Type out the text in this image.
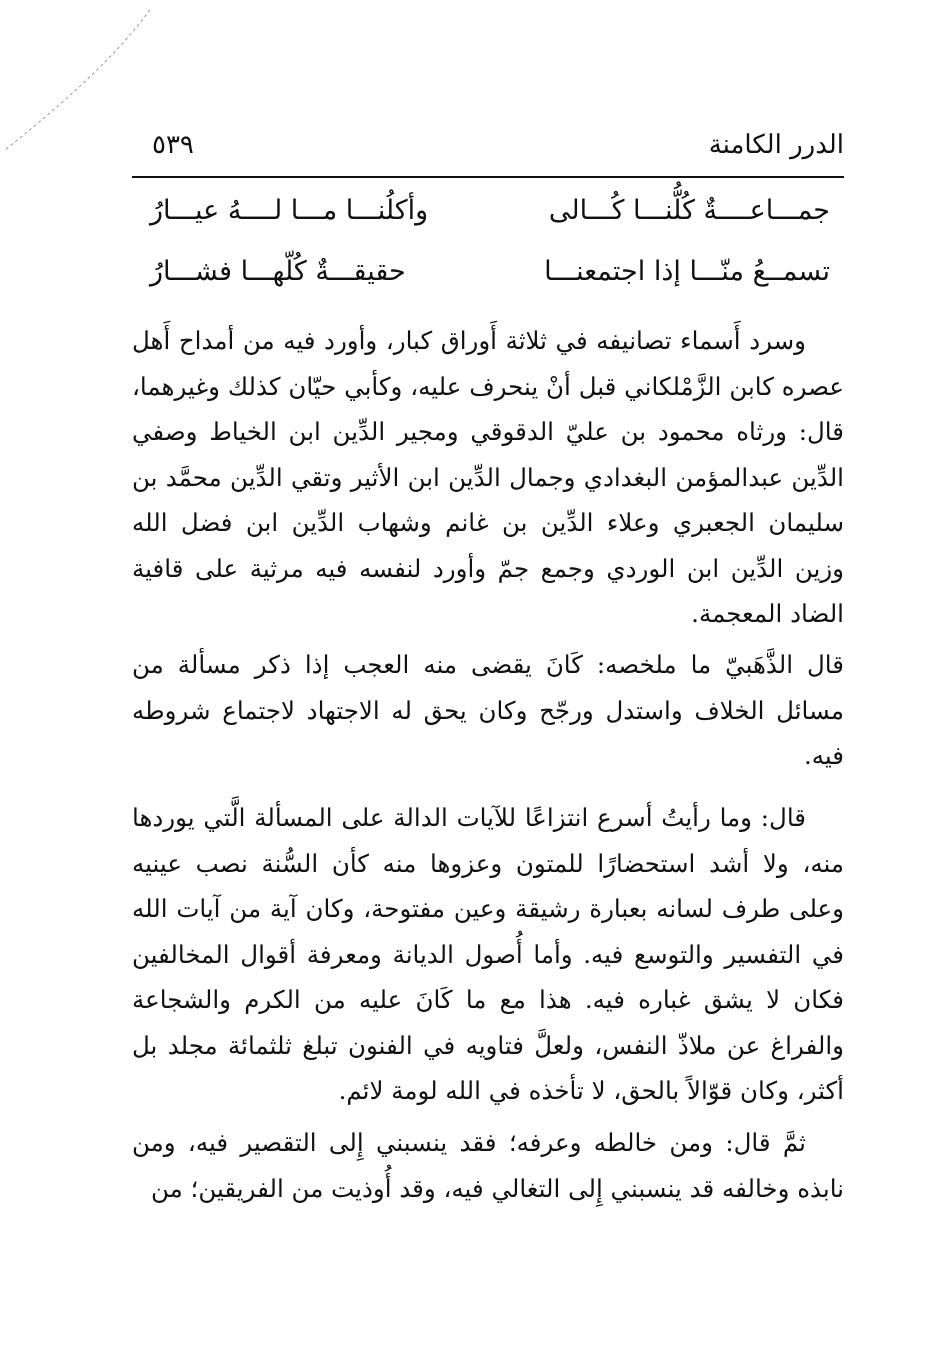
الدرر الكامنة
٥٣٩
جمـــاعــــةٌ كُلُّنـــا كُـــالى
وأكلُنـــا مـــا لــــهُ عيـــارُ
تسمــعُ منّـــا إذا اجتمعنـــا
حقيقـــةٌ كُلّهـــا فشـــارُ

وسرد أَسماء تصانيفه في ثلاثة أَوراق كبار، وأورد فيه من أمداح أَهل عصره كابن الزَّمْلكاني قبل أنْ ينحرف عليه، وكأبي حيّان كذلك وغيرهما، قال: ورثاه محمود بن عليّ الدقوقي ومجير الدِّين ابن الخياط وصفي الدِّين عبدالمؤمن البغدادي وجمال الدِّين ابن الأثير وتقي الدِّين محمَّد بن سليمان الجعبري وعلاء الدِّين بن غانم وشهاب الدِّين ابن فضل الله وزين الدِّين ابن الوردي وجمع جمّ وأورد لنفسه فيه مرثية على قافية الضاد المعجمة.

قال الذَّهَبيّ ما ملخصه: كَانَ يقضى منه العجب إذا ذكر مسألة من مسائل الخلاف واستدل ورجّح وكان يحق له الاجتهاد لاجتماع شروطه فيه.

قال: وما رأيتُ أسرع انتزاعًا للآيات الدالة على المسألة الَّتي يوردها منه، ولا أشد استحضارًا للمتون وعزوها منه كأن السُّنة نصب عينيه وعلى طرف لسانه بعبارة رشيقة وعين مفتوحة، وكان آية من آيات الله في التفسير والتوسع فيه. وأما أُصول الديانة ومعرفة أقوال المخالفين فكان لا يشق غباره فيه. هذا مع ما كَانَ عليه من الكرم والشجاعة والفراغ عن ملاذّ النفس، ولعلَّ فتاويه في الفنون تبلغ ثلثمائة مجلد بل أكثر، وكان قوّالاً بالحق، لا تأخذه في الله لومة لائم.

ثمَّ قال: ومن خالطه وعرفه؛ فقد ينسبني إِلى التقصير فيه، ومن نابذه وخالفه قد ينسبني إِلى التغالي فيه، وقد أُوذيت من الفريقين؛ من
